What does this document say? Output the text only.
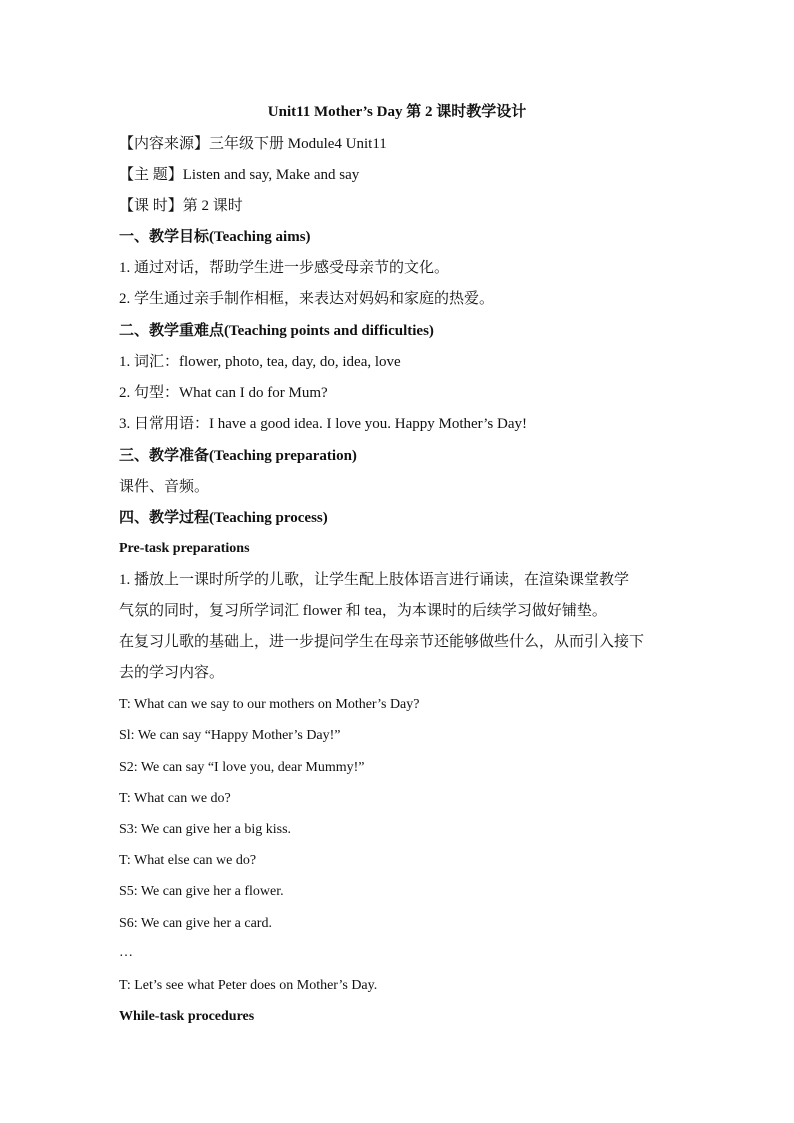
Unit11 Mother’s Day 第 2 课时教学设计
【内容来源】三年级下册 Module4 Unit11
【主 题】Listen and say, Make and say
【课 时】第 2 课时
一、教学目标(Teaching aims)
1. 通过对话，帮助学生进一步感受母亲节的文化。
2. 学生通过亲手制作相框，来表达对妈妈和家庭的热爱。
二、教学重难点(Teaching points and difficulties)
1. 词汇：flower, photo, tea, day, do, idea, love
2. 句型：What can I do for Mum?
3. 日常用语：I have a good idea. I love you. Happy Mother’s Day!
三、教学准备(Teaching preparation)
课件、音频。
四、教学过程(Teaching process)
Pre-task preparations
1. 播放上一课时所学的儿歌，让学生配上肢体语言进行诵读，在渲染课堂教学
气氛的同时，复习所学词汇 flower 和 tea，为本课时的后续学习做好铺垫。
在复习儿歌的基础上，进一步提问学生在母亲节还能够做些什么，从而引入接下
去的学习内容。
T: What can we say to our mothers on Mother’s Day?
Sl: We can say “Happy Mother’s Day!”
S2: We can say “I love you, dear Mummy!”
T: What can we do?
S3: We can give her a big kiss.
T: What else can we do?
S5: We can give her a flower.
S6: We can give her a card.
…
T: Let’s see what Peter does on Mother’s Day.
While-task procedures
